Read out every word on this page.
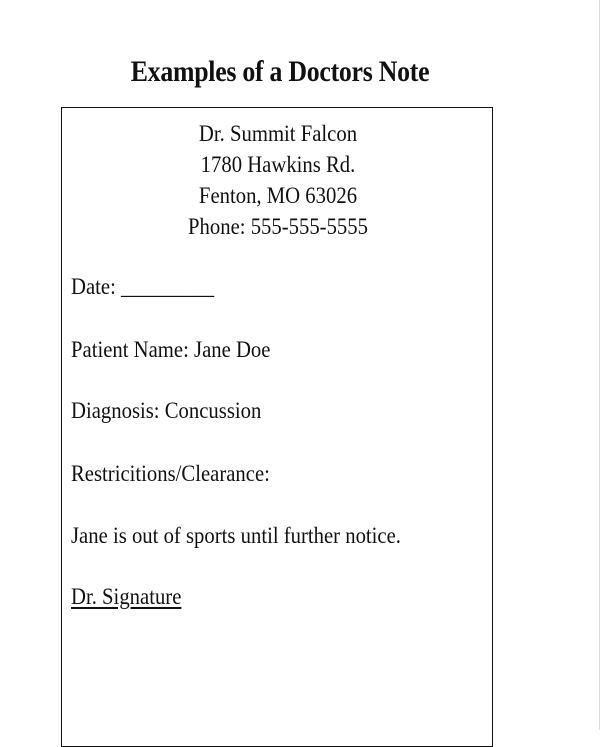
Examples of a Doctors Note
Dr. Summit Falcon
1780 Hawkins Rd.
Fenton, MO 63026
Phone: 555-555-5555
Date: _________
Patient Name: Jane Doe
Diagnosis: Concussion
Restricitions/Clearance:
Jane is out of sports until further notice.
Dr. Signature
